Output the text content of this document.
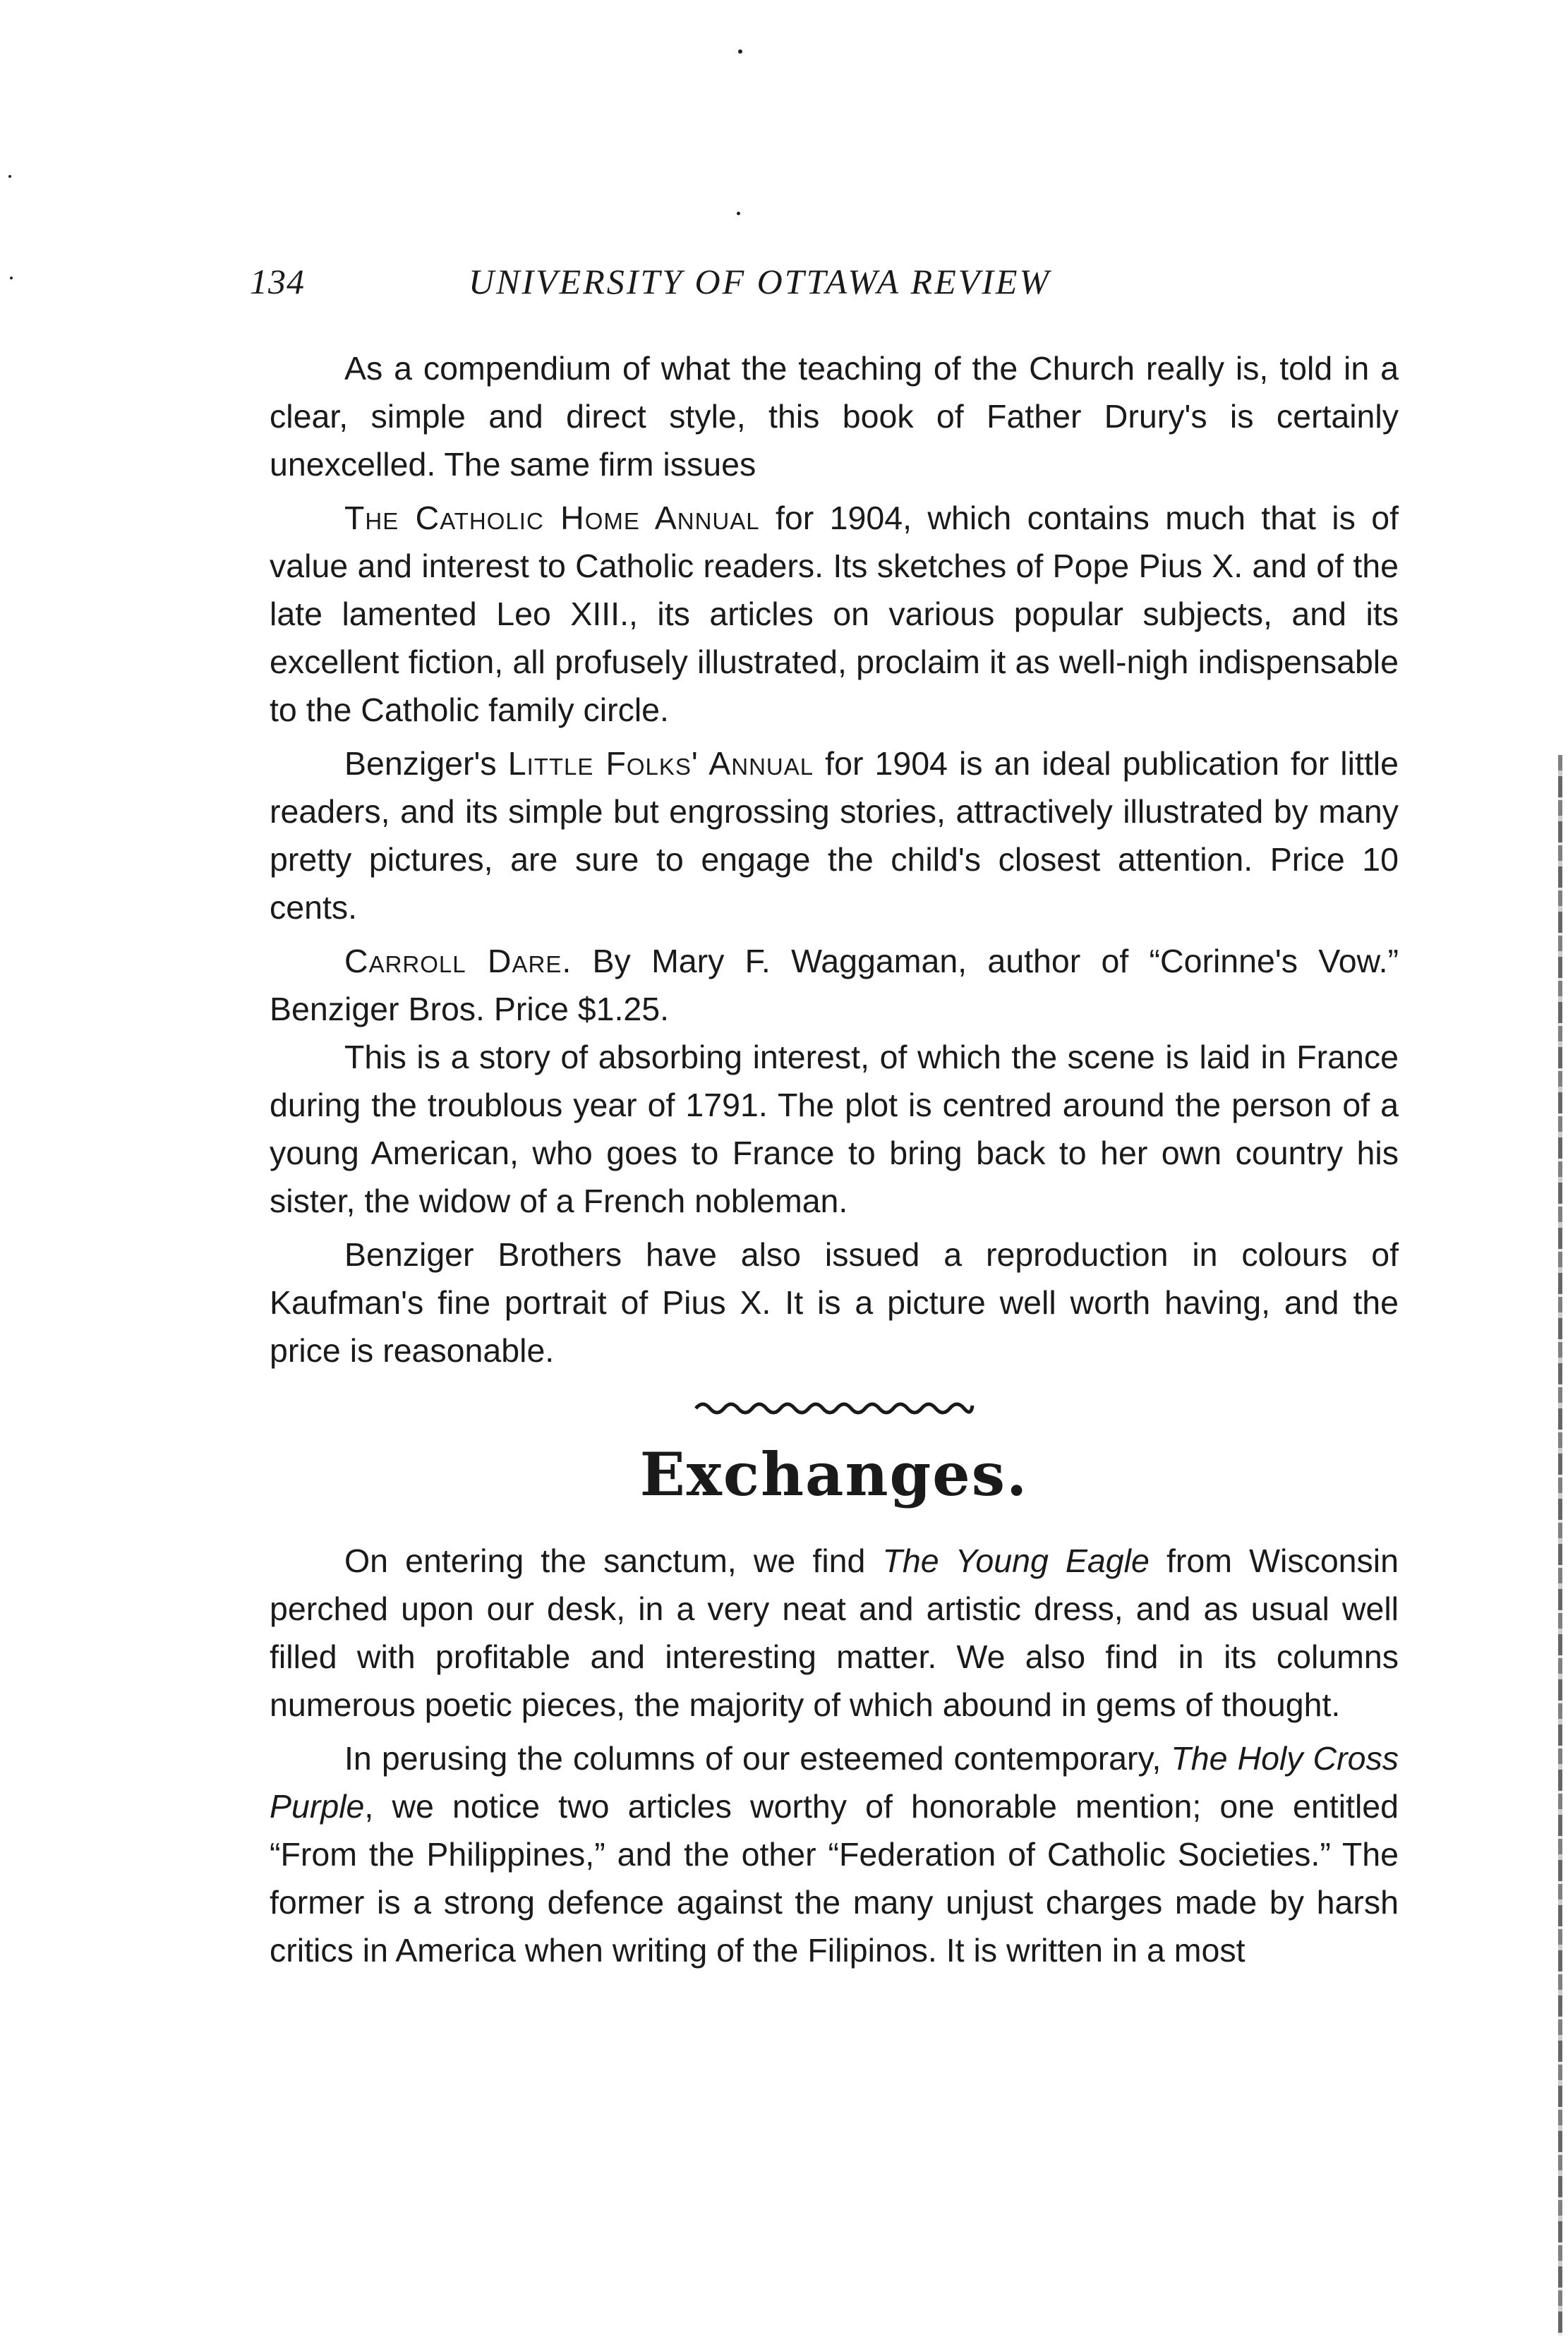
134	UNIVERSITY OF OTTAWA REVIEW

As a compendium of what the teaching of the Church really is, told in a clear, simple and direct style, this book of Father Drury's is certainly unexcelled. The same firm issues

The Catholic Home Annual for 1904, which contains much that is of value and interest to Catholic readers. Its sketches of Pope Pius X. and of the late lamented Leo XIII., its articles on various popular subjects, and its excellent fiction, all profusely illustrated, proclaim it as well-nigh indispensable to the Catholic family circle.

Benziger's Little Folks' Annual for 1904 is an ideal publication for little readers, and its simple but engrossing stories, attractively illustrated by many pretty pictures, are sure to engage the child's closest attention. Price 10 cents.

Carroll Dare. By Mary F. Waggaman, author of “Corinne's Vow.” Benziger Bros. Price $1.25.

This is a story of absorbing interest, of which the scene is laid in France during the troublous year of 1791. The plot is centred around the person of a young American, who goes to France to bring back to her own country his sister, the widow of a French nobleman.

Benziger Brothers have also issued a reproduction in colours of Kaufman's fine portrait of Pius X. It is a picture well worth having, and the price is reasonable.

Exchanges.

On entering the sanctum, we find The Young Eagle from Wisconsin perched upon our desk, in a very neat and artistic dress, and as usual well filled with profitable and interesting matter. We also find in its columns numerous poetic pieces, the majority of which abound in gems of thought.

In perusing the columns of our esteemed contemporary, The Holy Cross Purple, we notice two articles worthy of honorable mention; one entitled “From the Philippines,” and the other “Federation of Catholic Societies.” The former is a strong defence against the many unjust charges made by harsh critics in America when writing of the Filipinos. It is written in a most
